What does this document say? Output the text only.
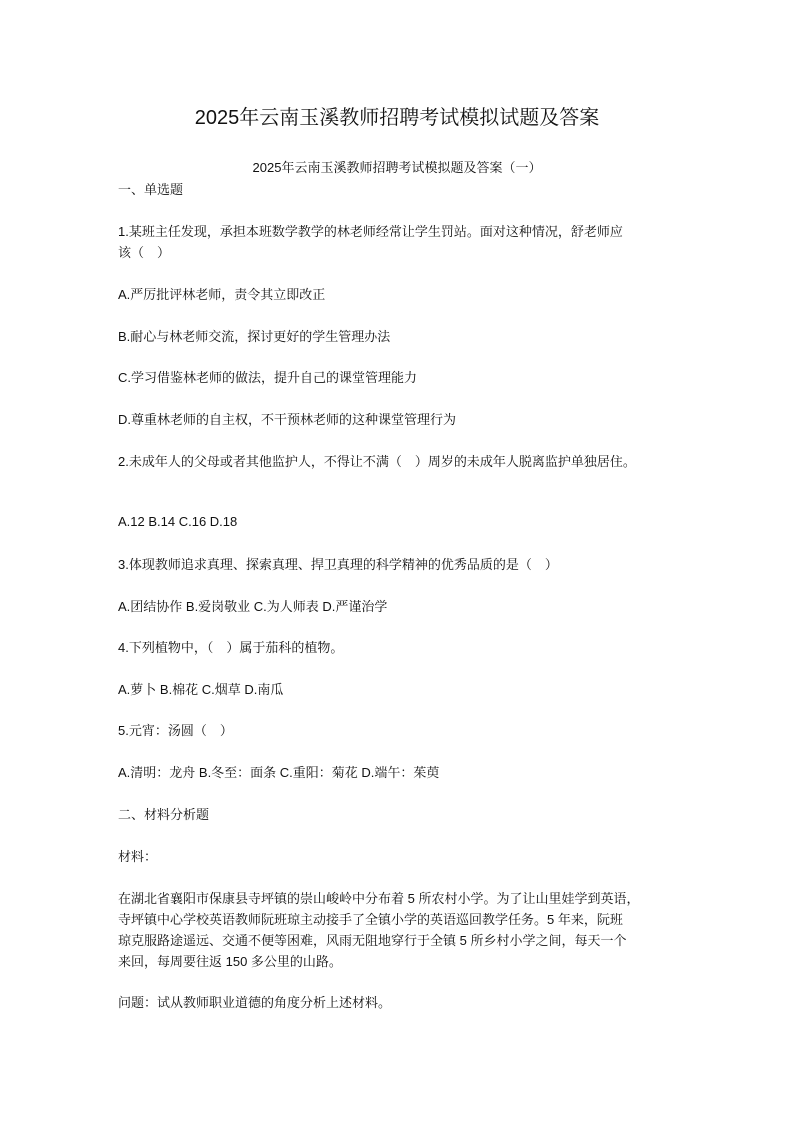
2025年云南玉溪教师招聘考试模拟试题及答案
2025年云南玉溪教师招聘考试模拟题及答案（一）
一、单选题
1.某班主任发现，承担本班数学教学的林老师经常让学生罚站。面对这种情况，舒老师应
该（　）
A.严厉批评林老师，责令其立即改正
B.耐心与林老师交流，探讨更好的学生管理办法
C.学习借鉴林老师的做法，提升自己的课堂管理能力
D.尊重林老师的自主权，不干预林老师的这种课堂管理行为
2.未成年人的父母或者其他监护人，不得让不满（　）周岁的未成年人脱离监护单独居住。
A.12 B.14 C.16 D.18
3.体现教师追求真理、探索真理、捍卫真理的科学精神的优秀品质的是（　）
A.团结协作 B.爱岗敬业 C.为人师表 D.严谨治学
4.下列植物中，（　）属于茄科的植物。
A.萝卜 B.棉花 C.烟草 D.南瓜
5.元宵：汤圆（　）
A.清明：龙舟 B.冬至：面条 C.重阳：菊花 D.端午：茱萸
二、材料分析题
材料：
在湖北省襄阳市保康县寺坪镇的崇山峻岭中分布着 5 所农村小学。为了让山里娃学到英语，
寺坪镇中心学校英语教师阮班琼主动接手了全镇小学的英语巡回教学任务。5 年来，阮班
琼克服路途遥远、交通不便等困难，风雨无阻地穿行于全镇 5 所乡村小学之间，每天一个
来回，每周要往返 150 多公里的山路。
问题：试从教师职业道德的角度分析上述材料。
